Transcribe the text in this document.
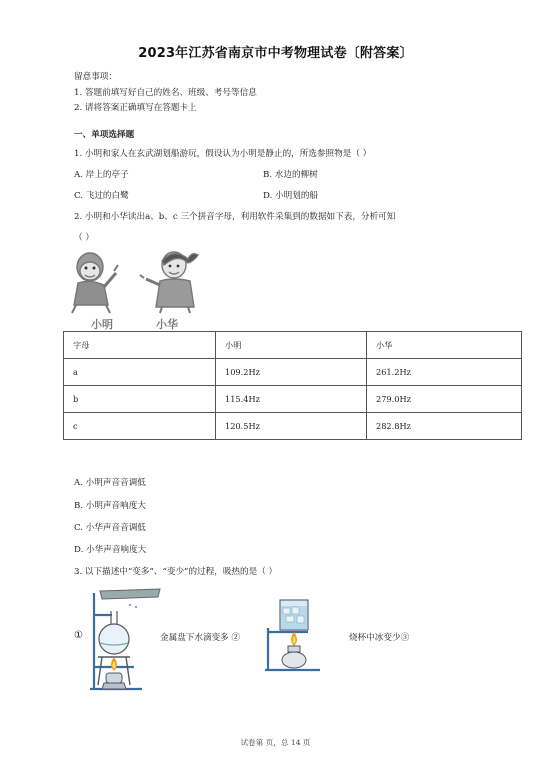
2023年江苏省南京市中考物理试卷〔附答案〕
留意事项：
1. 答题前填写好自己的姓名、班级、考号等信息
2. 请将答案正确填写在答题卡上
一、单项选择题
1. 小明和家人在玄武湖划船游玩，假设认为小明是静止的，所选参照物是（ ）
A. 岸上的亭子	B. 水边的柳树
C. 飞过的白鹭	D. 小明划的船
2. 小明和小华读出a、b、c 三个拼音字母，利用软件采集到的数据如下表，分析可知
（ ）
小明	小华
字母	小明	小华
a	109.2Hz	261.2Hz
b	115.4Hz	279.0Hz
c	120.5Hz	282.8Hz
A. 小明声音音调低
B. 小明声音响度大
C. 小华声音音调低
D. 小华声音响度大
3. 以下描述中“变多”、“变少”的过程，吸热的是（ ）
①	金属盘下水滴变多 ②	烧杯中冰变少③
试卷第 页，总 14 页
